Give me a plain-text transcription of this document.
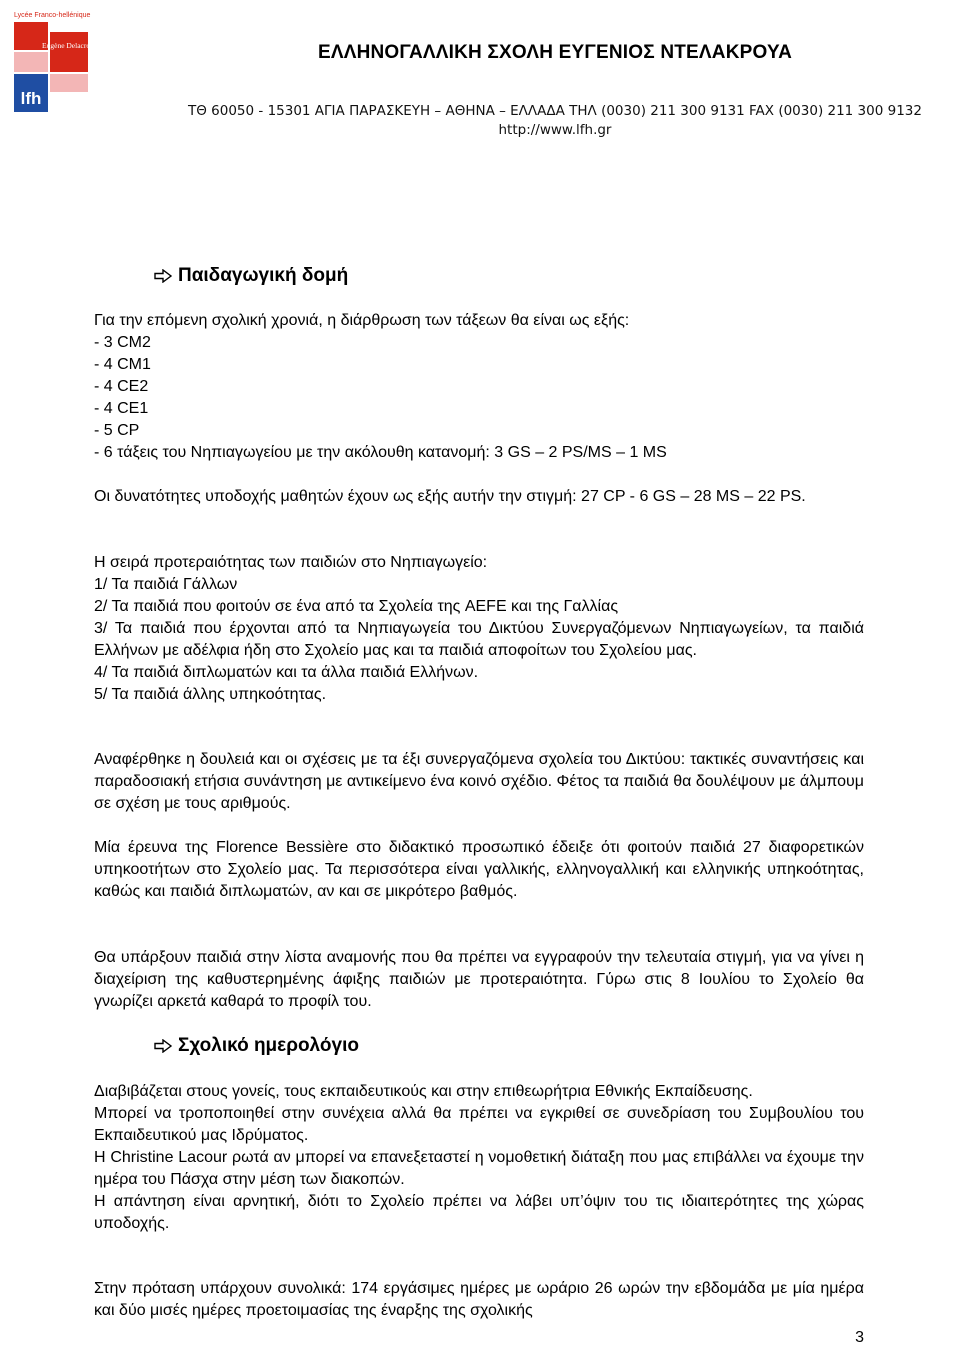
Lycée Franco-hellénique
lfh
Eugène Delacroix	ΕΛΛΗΝΟΓΑΛΛΙΚΗ ΣΧΟΛΗ ΕΥΓΕΝΙΟΣ ΝΤΕΛΑΚΡΟΥΑ
ΤΘ 60050 - 15301 ΑΓΙΑ ΠΑΡΑΣΚΕΥΗ – ΑΘΗΝΑ – ΕΛΛΑΔΑ ΤΗΛ (0030) 211 300 9131 FAX (0030) 211 300 9132
http://www.lfh.gr
Παιδαγωγική δομή
Για την επόμενη σχολική χρονιά, η διάρθρωση των τάξεων θα είναι ως εξής:
- 3 CM2
- 4 CM1
- 4 CE2
- 4 CE1
- 5 CP
- 6 τάξεις του Νηπιαγωγείου με την ακόλουθη κατανομή: 3 GS – 2 PS/MS – 1 MS
Οι δυνατότητες υποδοχής μαθητών έχουν ως εξής αυτήν την στιγμή: 27 CP - 6 GS – 28 MS – 22 PS.
Η σειρά προτεραιότητας των παιδιών στο Νηπιαγωγείο:
1/ Τα παιδιά Γάλλων
2/ Τα παιδιά που φοιτούν σε ένα από τα Σχολεία της AEFE και της Γαλλίας
3/ Τα παιδιά που έρχονται από τα Νηπιαγωγεία του Δικτύου Συνεργαζόμενων Νηπιαγωγείων, τα παιδιά Ελλήνων με αδέλφια ήδη στο Σχολείο μας και τα παιδιά αποφοίτων του Σχολείου μας.
4/ Τα παιδιά διπλωματών και τα άλλα παιδιά Ελλήνων.
5/ Τα παιδιά άλλης υπηκοότητας.
Αναφέρθηκε η δουλειά και οι σχέσεις με τα έξι συνεργαζόμενα σχολεία του Δικτύου: τακτικές συναντήσεις και παραδοσιακή ετήσια συνάντηση με αντικείμενο ένα κοινό σχέδιο. Φέτος τα παιδιά θα δουλέψουν με άλμπουμ σε σχέση με τους αριθμούς.
Μία έρευνα της Florence Bessière στο διδακτικό προσωπικό έδειξε ότι φοιτούν παιδιά 27 διαφορετικών υπηκοοτήτων στο Σχολείο μας. Τα περισσότερα είναι γαλλικής, ελληνογαλλική και ελληνικής υπηκοότητας, καθώς και παιδιά διπλωματών, αν και σε μικρότερο βαθμός.
Θα υπάρξουν παιδιά στην λίστα αναμονής που θα πρέπει να εγγραφούν την τελευταία στιγμή, για να γίνει η διαχείριση της καθυστερημένης άφιξης παιδιών με προτεραιότητα. Γύρω στις 8 Ιουλίου το Σχολείο θα γνωρίζει αρκετά καθαρά το προφίλ του.
Σχολικό ημερολόγιο
Διαβιβάζεται στους γονείς, τους εκπαιδευτικούς και στην επιθεωρήτρια Εθνικής Εκπαίδευσης.
Μπορεί να τροποποιηθεί στην συνέχεια αλλά θα πρέπει να εγκριθεί σε συνεδρίαση του Συμβουλίου του Εκπαιδευτικού μας Ιδρύματος.
Η Christine Lacour ρωτά αν μπορεί να επανεξεταστεί η νομοθετική διάταξη που μας επιβάλλει να έχουμε την ημέρα του Πάσχα στην μέση των διακοπών.
Η απάντηση είναι αρνητική, διότι το Σχολείο πρέπει να λάβει υπ’όψιν του τις ιδιαιτερότητες της χώρας υποδοχής.
Στην πρόταση υπάρχουν συνολικά: 174 εργάσιμες ημέρες με ωράριο 26 ωρών την εβδομάδα με μία ημέρα και δύο μισές ημέρες προετοιμασίας της έναρξης της σχολικής
3
